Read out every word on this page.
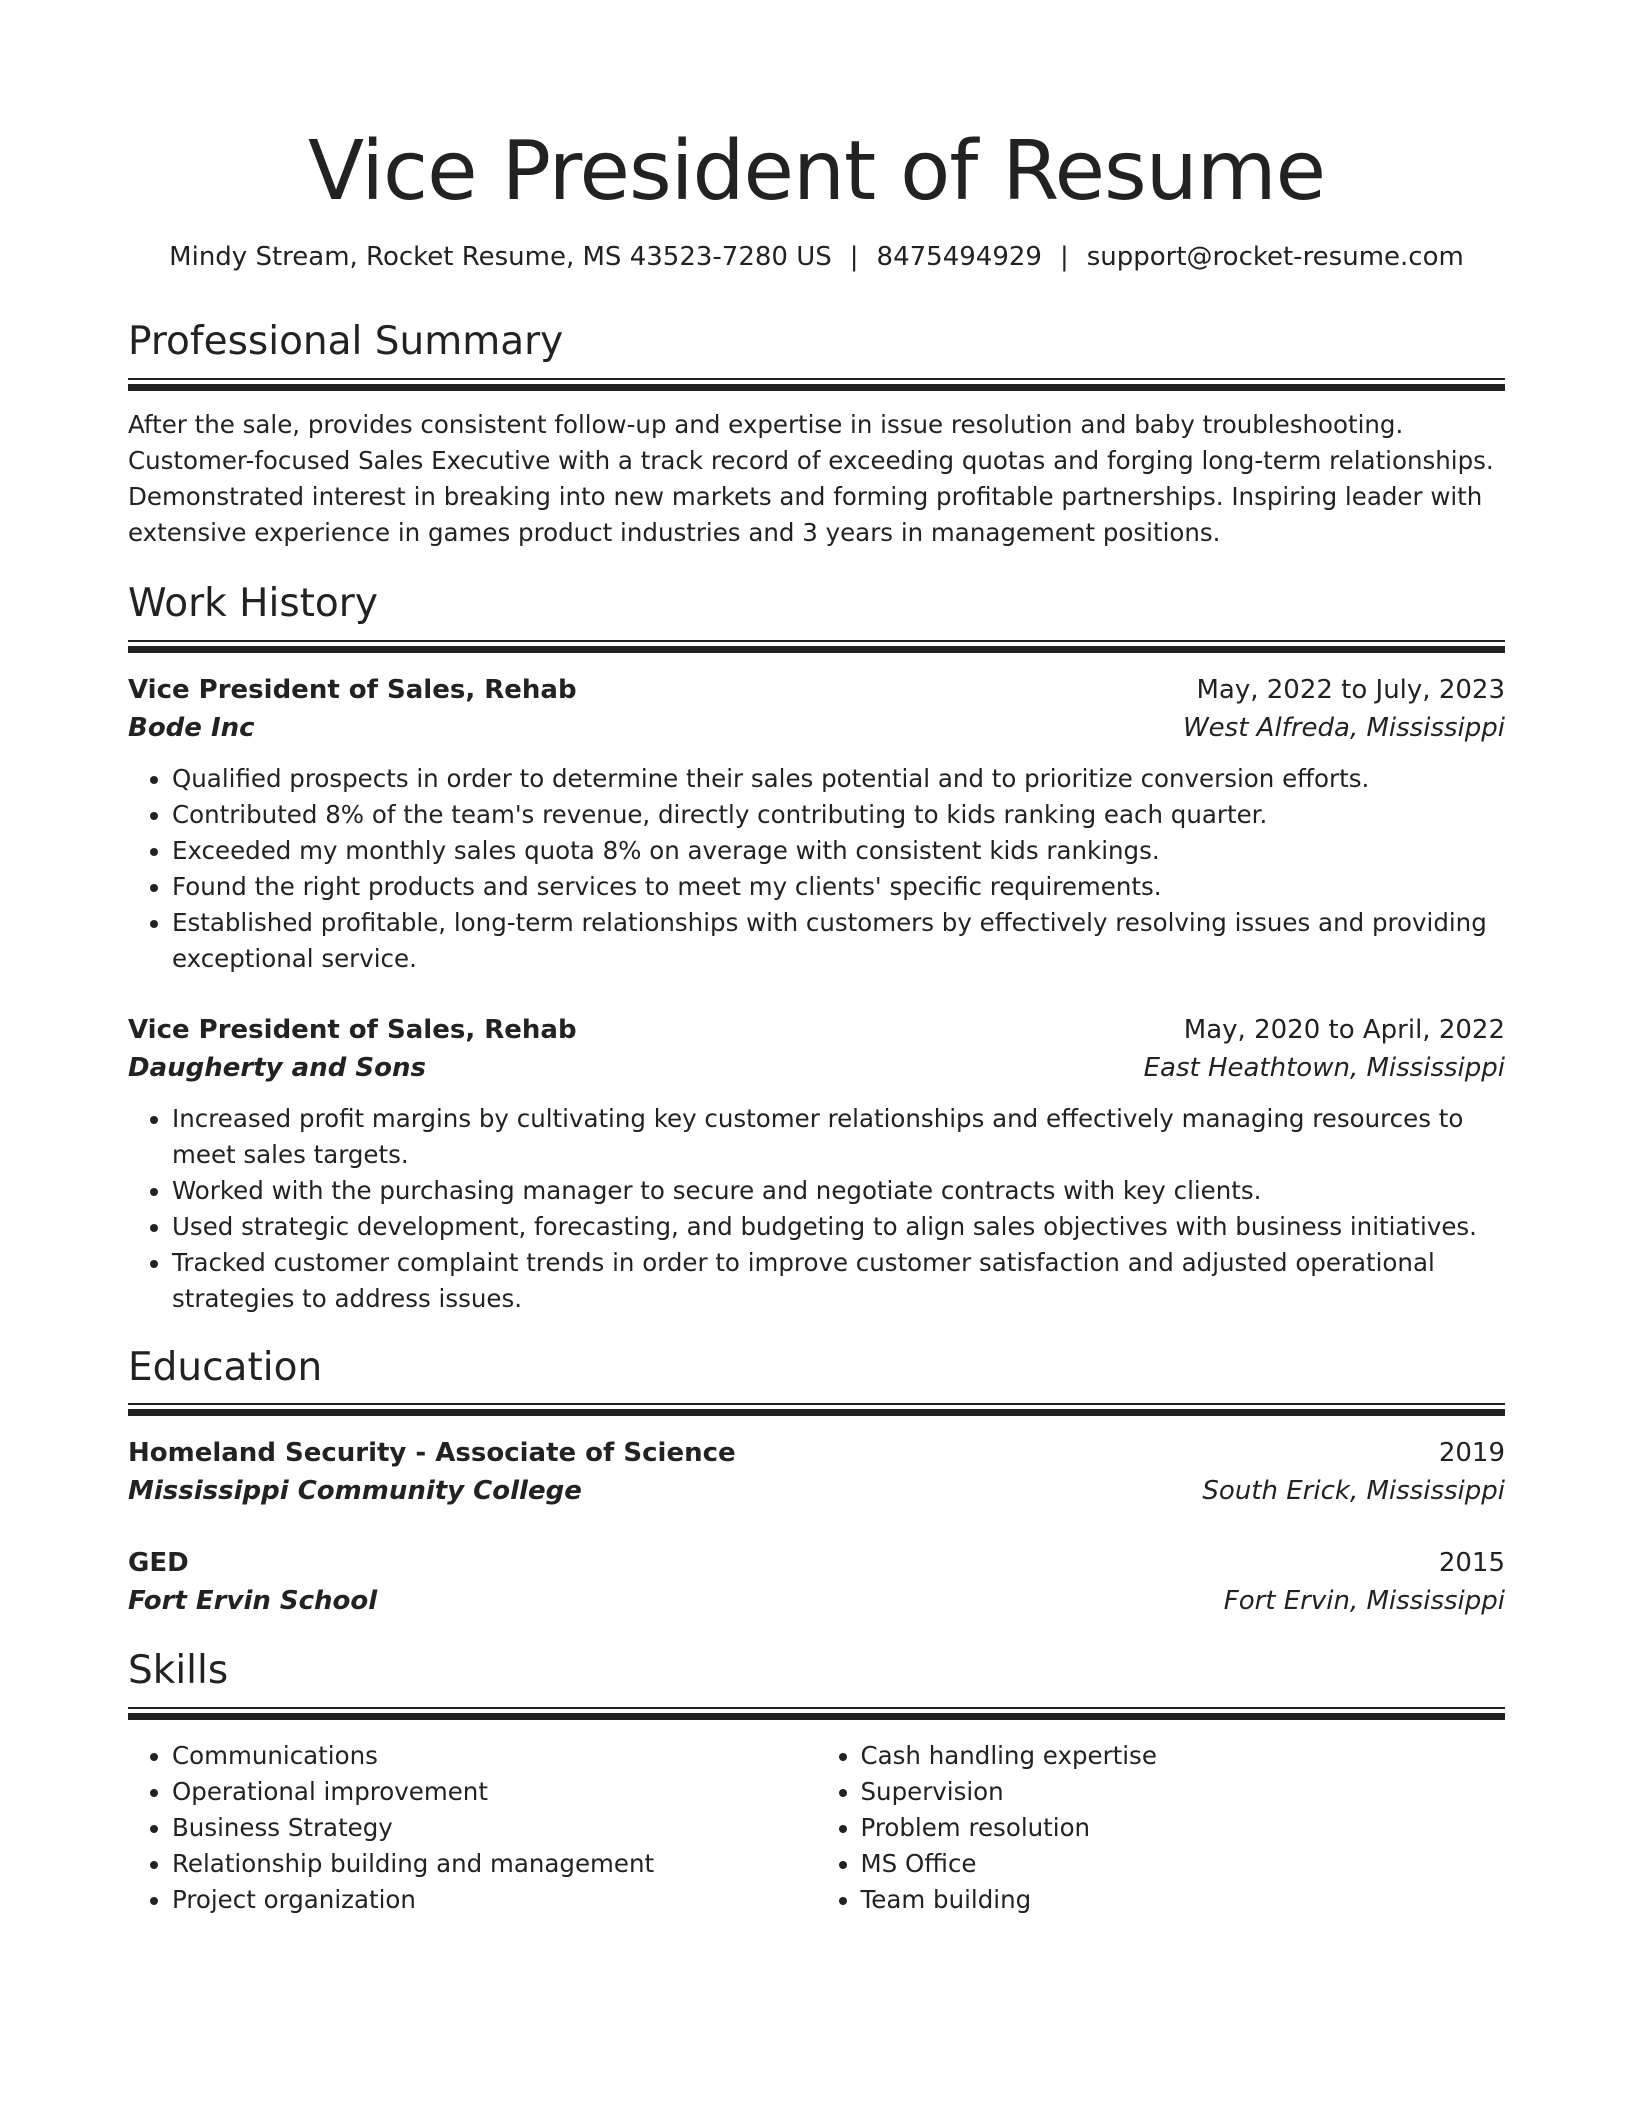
Vice President of Resume
Mindy Stream, Rocket Resume, MS 43523-7280 US | 8475494929 | support@rocket-resume.com
Professional Summary

After the sale, provides consistent follow-up and expertise in issue resolution and baby troubleshooting. Customer-focused Sales Executive with a track record of exceeding quotas and forging long-term relationships. Demonstrated interest in breaking into new markets and forming profitable partnerships. Inspiring leader with extensive experience in games product industries and 3 years in management positions.

Work History
Vice President of Sales, Rehab	May, 2022 to July, 2023
Bode Inc	West Alfreda, Mississippi
• Qualified prospects in order to determine their sales potential and to prioritize conversion efforts.
• Contributed 8% of the team's revenue, directly contributing to kids ranking each quarter.
• Exceeded my monthly sales quota 8% on average with consistent kids rankings.
• Found the right products and services to meet my clients' specific requirements.
• Established profitable, long-term relationships with customers by effectively resolving issues and providing exceptional service.
Vice President of Sales, Rehab	May, 2020 to April, 2022
Daugherty and Sons	East Heathtown, Mississippi
• Increased profit margins by cultivating key customer relationships and effectively managing resources to meet sales targets.
• Worked with the purchasing manager to secure and negotiate contracts with key clients.
• Used strategic development, forecasting, and budgeting to align sales objectives with business initiatives.
• Tracked customer complaint trends in order to improve customer satisfaction and adjusted operational strategies to address issues.
Education
Homeland Security - Associate of Science	2019
Mississippi Community College	South Erick, Mississippi
GED	2015
Fort Ervin School	Fort Ervin, Mississippi
Skills
• Communications
• Operational improvement
• Business Strategy
• Relationship building and management
• Project organization
• Cash handling expertise
• Supervision
• Problem resolution
• MS Office
• Team building
